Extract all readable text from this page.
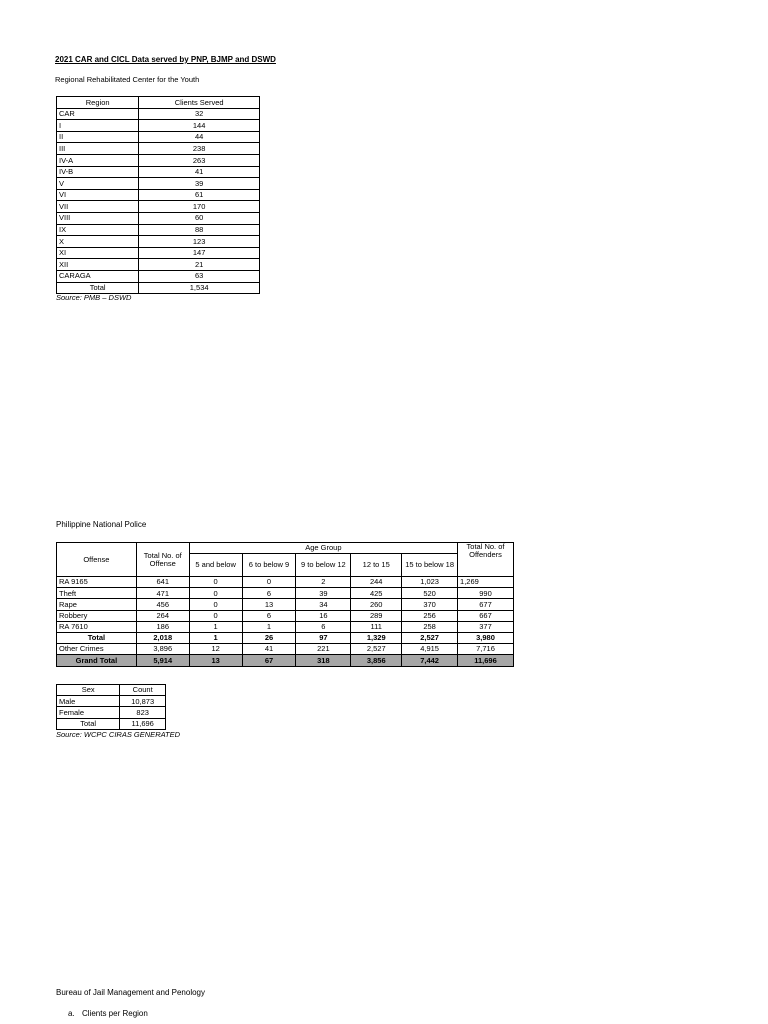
2021 CAR and CICL Data served by PNP, BJMP and DSWD
Regional Rehabilitated Center for the Youth
Region	Clients Served
CAR	32
I	144
II	44
III	238
IV-A	263
IV-B	41
V	39
VI	61
VII	170
VIII	60
IX	88
X	123
XI	147
XII	21
CARAGA	63
Total	1,534
Source: PMB – DSWD
Philippine National Police
Offense	Total No. of Offense	Age Group					Total No. of Offenders
		5 and below	6 to below 9	9 to below 12	12 to 15	15 to below 18	
RA 9165	641	0	0	2	244	1,023	1,269
Theft	471	0	6	39	425	520	990
Rape	456	0	13	34	260	370	677
Robbery	264	0	6	16	289	256	667
RA 7610	186	1	1	6	111	258	377
Total	2,018	1	26	97	1,329	2,527	3,980
Other Crimes	3,896	12	41	221	2,527	4,915	7,716
Grand Total	5,914	13	67	318	3,856	7,442	11,696
Sex	Count
Male	10,873
Female	823
Total	11,696
Source: WCPC CIRAS GENERATED
Bureau of Jail Management and Penology
a. Clients per Region
